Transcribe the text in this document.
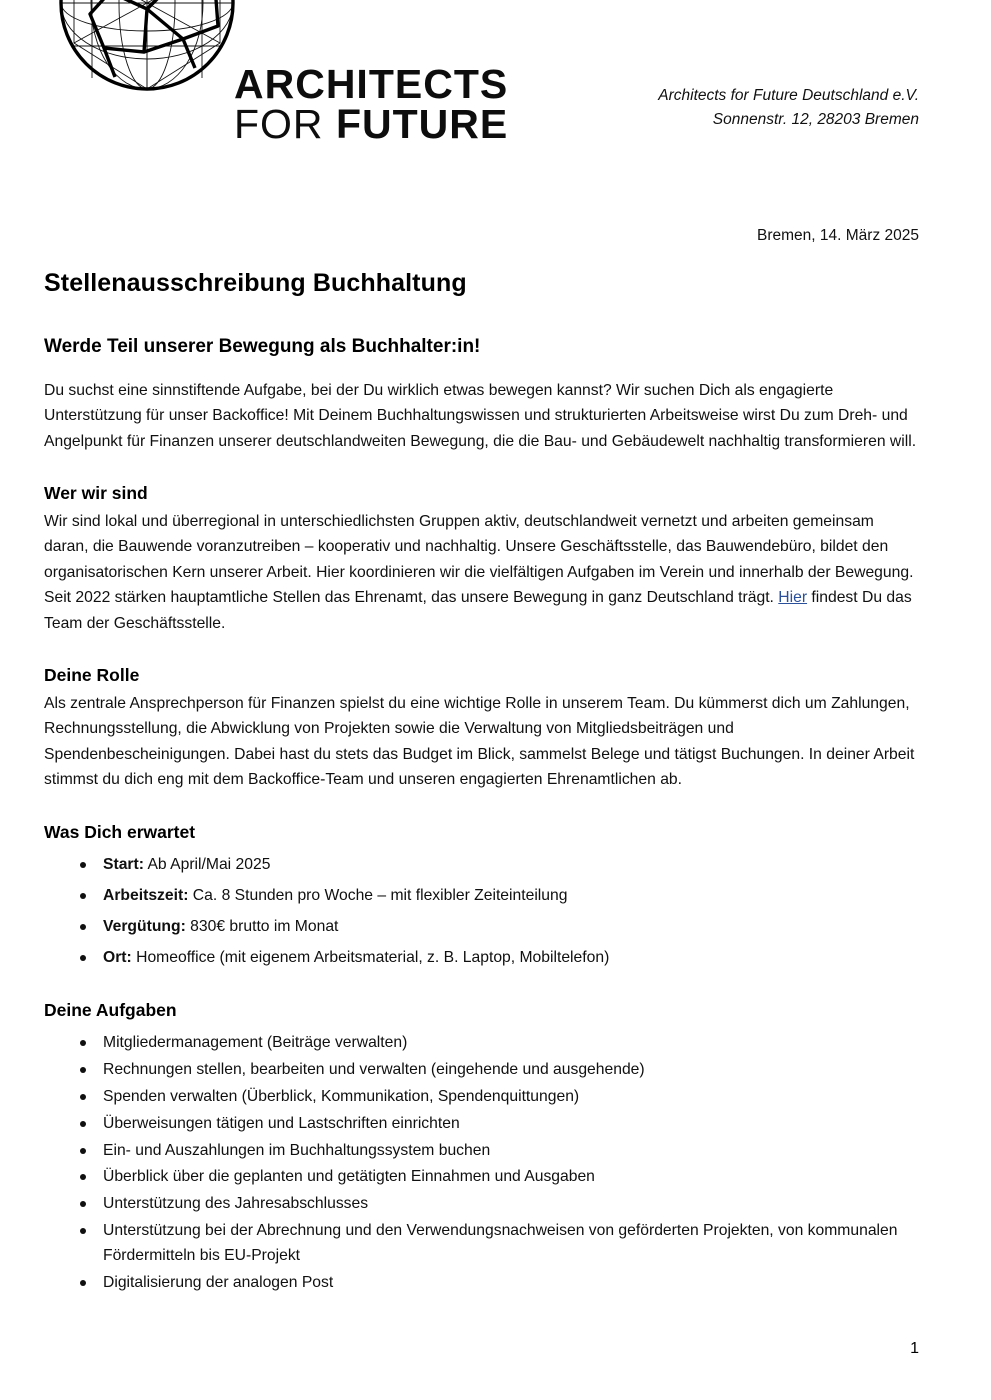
ARCHITECTS
FOR FUTURE
Architects for Future Deutschland e.V.
Sonnenstr. 12, 28203 Bremen
Bremen, 14. März 2025
Stellenausschreibung Buchhaltung
Werde Teil unserer Bewegung als Buchhalter:in!

Du suchst eine sinnstiftende Aufgabe, bei der Du wirklich etwas bewegen kannst? Wir suchen Dich als engagierte Unterstützung für unser Backoffice! Mit Deinem Buchhaltungswissen und strukturierten Arbeitsweise wirst Du zum Dreh- und Angelpunkt für Finanzen unserer deutschlandweiten Bewegung, die die Bau- und Gebäudewelt nachhaltig transformieren will.

Wer wir sind

Wir sind lokal und überregional in unterschiedlichsten Gruppen aktiv, deutschlandweit vernetzt und arbeiten gemeinsam daran, die Bauwende voranzutreiben – kooperativ und nachhaltig. Unsere Geschäftsstelle, das Bauwendebüro, bildet den organisatorischen Kern unserer Arbeit. Hier koordinieren wir die vielfältigen Aufgaben im Verein und innerhalb der Bewegung. Seit 2022 stärken hauptamtliche Stellen das Ehrenamt, das unsere Bewegung in ganz Deutschland trägt. Hier findest Du das Team der Geschäftsstelle.

Deine Rolle

Als zentrale Ansprechperson für Finanzen spielst du eine wichtige Rolle in unserem Team. Du kümmerst dich um Zahlungen, Rechnungsstellung, die Abwicklung von Projekten sowie die Verwaltung von Mitgliedsbeiträgen und Spendenbescheinigungen. Dabei hast du stets das Budget im Blick, sammelst Belege und tätigst Buchungen. In deiner Arbeit stimmst du dich eng mit dem Backoffice-Team und unseren engagierten Ehrenamtlichen ab.

Was Dich erwartet
Start: Ab April/Mai 2025
Arbeitszeit: Ca. 8 Stunden pro Woche – mit flexibler Zeiteinteilung
Vergütung: 830€ brutto im Monat
Ort: Homeoffice (mit eigenem Arbeitsmaterial, z. B. Laptop, Mobiltelefon)
Deine Aufgaben
Mitgliedermanagement (Beiträge verwalten)
Rechnungen stellen, bearbeiten und verwalten (eingehende und ausgehende)
Spenden verwalten (Überblick, Kommunikation, Spendenquittungen)
Überweisungen tätigen und Lastschriften einrichten
Ein- und Auszahlungen im Buchhaltungssystem buchen
Überblick über die geplanten und getätigten Einnahmen und Ausgaben
Unterstützung des Jahresabschlusses
Unterstützung bei der Abrechnung und den Verwendungsnachweisen von geförderten Projekten, von kommunalen Fördermitteln bis EU-Projekt
Digitalisierung der analogen Post
1
